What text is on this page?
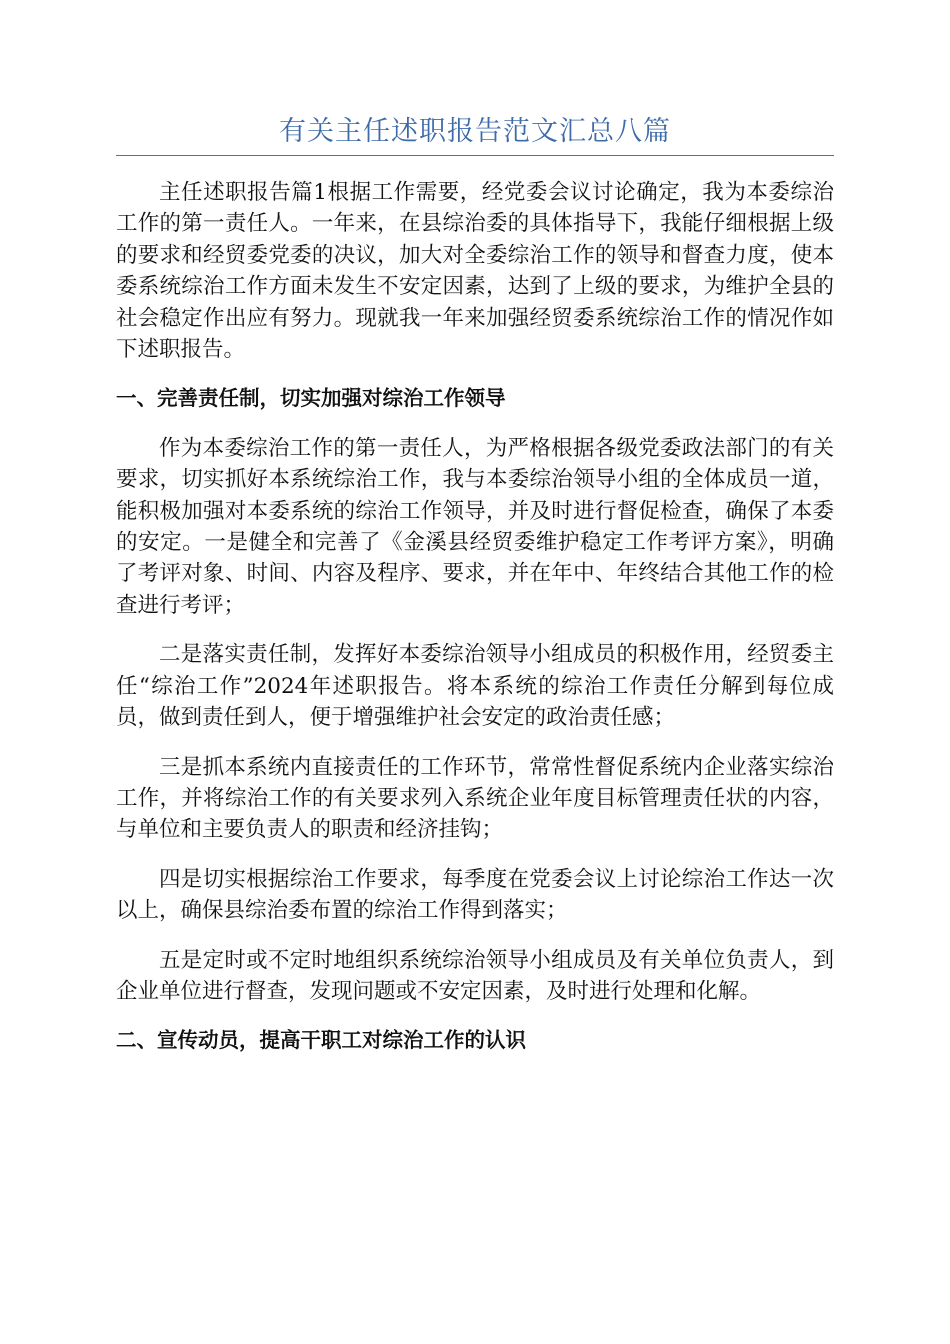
有关主任述职报告范文汇总八篇

主任述职报告篇1根据工作需要，经党委会议讨论确定，我为本委综治工作的第一责任人。一年来，在县综治委的具体指导下，我能仔细根据上级的要求和经贸委党委的决议，加大对全委综治工作的领导和督查力度，使本委系统综治工作方面未发生不安定因素，达到了上级的要求，为维护全县的社会稳定作出应有努力。现就我一年来加强经贸委系统综治工作的情况作如下述职报告。

一、完善责任制，切实加强对综治工作领导

作为本委综治工作的第一责任人，为严格根据各级党委政法部门的有关要求，切实抓好本系统综治工作，我与本委综治领导小组的全体成员一道，能积极加强对本委系统的综治工作领导，并及时进行督促检查，确保了本委的安定。一是健全和完善了《金溪县经贸委维护稳定工作考评方案》，明确了考评对象、时间、内容及程序、要求，并在年中、年终结合其他工作的检查进行考评；

二是落实责任制，发挥好本委综治领导小组成员的积极作用，经贸委主任“综治工作”2024年述职报告。将本系统的综治工作责任分解到每位成员，做到责任到人，便于增强维护社会安定的政治责任感；

三是抓本系统内直接责任的工作环节，常常性督促系统内企业落实综治工作，并将综治工作的有关要求列入系统企业年度目标管理责任状的内容，与单位和主要负责人的职责和经济挂钩；

四是切实根据综治工作要求，每季度在党委会议上讨论综治工作达一次以上，确保县综治委布置的综治工作得到落实；

五是定时或不定时地组织系统综治领导小组成员及有关单位负责人，到企业单位进行督查，发现问题或不安定因素，及时进行处理和化解。

二、宣传动员，提高干职工对综治工作的认识
